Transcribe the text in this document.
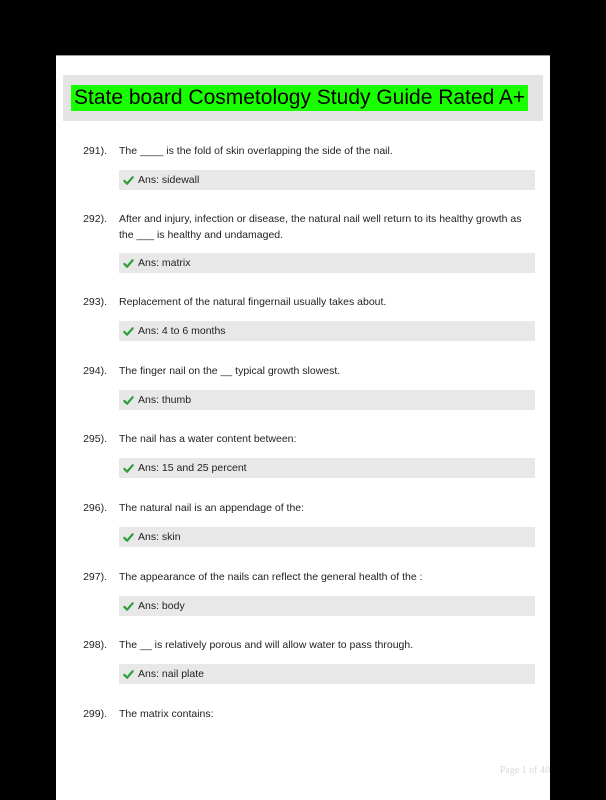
State board Cosmetology Study Guide Rated A+
291). The ____ is the fold of skin overlapping the side of the nail.
Ans: sidewall
292). After and injury, infection or disease, the natural nail well return to its healthy growth as the ___ is healthy and undamaged.
Ans: matrix
293). Replacement of the natural fingernail usually takes about.
Ans: 4 to 6 months
294). The finger nail on the __ typical growth slowest.
Ans: thumb
295). The nail has a water content between:
Ans: 15 and 25 percent
296). The natural nail is an appendage of the:
Ans: skin
297). The appearance of the nails can reflect the general health of the :
Ans: body
298). The __ is relatively porous and will allow water to pass through.
Ans: nail plate
299). The matrix contains:
Page 1 of 40
